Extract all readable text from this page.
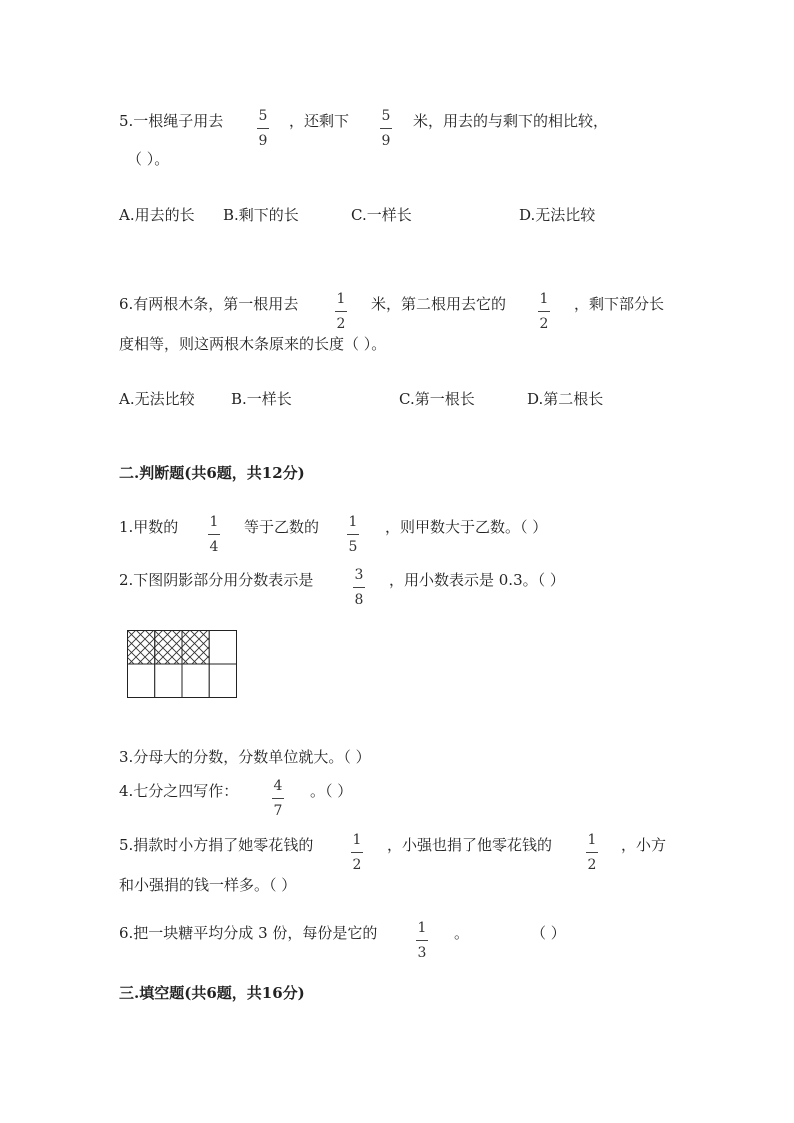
5.一根绳子用去	5
9
，还剩下 5
9
米，用去的与剩下的相比较，
（ ）。
A.用去的长 B.剩下的长	C.一样长	D.无法比较
6.有两根木条，第一根用去	1
2
米，第二根用去它的 1
2
，剩下部分长
度相等，则这两根木条原来的长度（ ）。
A.无法比较 B.一样长	C.第一根长	D.第二根长
二.判断题(共6题，共12分)
1.甲数的 1
4
等于乙数的 1
5
，则甲数大于乙数。（ ）
2.下图阴影部分用分数表示是	3
8
，用小数表示是 0.3。（ ）
3.分母大的分数，分数单位就大。（ ）
4.七分之四写作：	4
7
。（ ）
5.捐款时小方捐了她零花钱的	1
2
，小强也捐了他零花钱的	1
2
，小方
和小强捐的钱一样多。（ ）
6.把一块糖平均分成 3 份，每份是它的	1
3
。	（ ）
三.填空题(共6题，共16分)
